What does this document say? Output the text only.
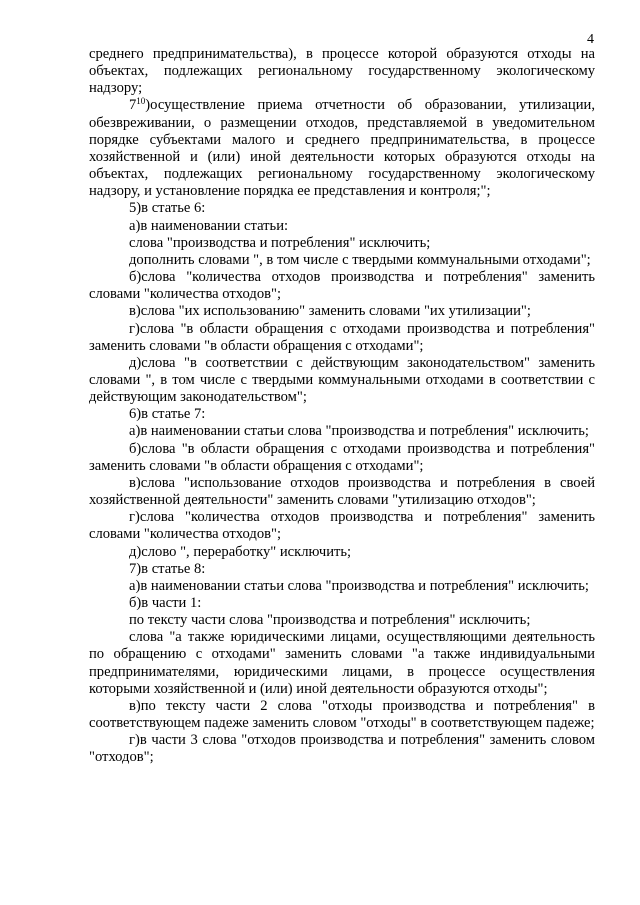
4

среднего предпринимательства), в процессе которой образуются отходы на объектах, подлежащих региональному государственному экологическому надзору;

$7^{10})осуществление$ приема отчетности об образовании, утилизации, обезвреживании, о размещении отходов, представляемой в уведомительном порядке субъектами малого и среднего предпринимательства, в процессе хозяйственной и (или) иной деятельности которых образуются отходы на объектах, подлежащих региональному государственному экологическому надзору, и установление порядка ее представления и контроля;";

5)в статье 6:

а)в наименовании статьи:

слова "производства и потребления" исключить;

дополнить словами ", в том числе с твердыми коммунальными отходами";

б)слова "количества отходов производства и потребления" заменить словами "количества отходов";

в)слова "их использованию" заменить словами "их утилизации";

г)слова "в области обращения с отходами производства и потребления" заменить словами "в области обращения с отходами";

д)слова "в соответствии с действующим законодательством" заменить словами ", в том числе с твердыми коммунальными отходами в соответствии с действующим законодательством";

6)в статье 7:

а)в наименовании статьи слова "производства и потребления" исключить;

б)слова "в области обращения с отходами производства и потребления" заменить словами "в области обращения с отходами";

в)слова "использование отходов производства и потребления в своей хозяйственной деятельности" заменить словами "утилизацию отходов";

г)слова "количества отходов производства и потребления" заменить словами "количества отходов";

д)слово ", переработку" исключить;

7)в статье 8:

а)в наименовании статьи слова "производства и потребления" исключить;

б)в части 1:

по тексту части слова "производства и потребления" исключить;

слова "а также юридическими лицами, осуществляющими деятельность по обращению с отходами" заменить словами "а также индивидуальными предпринимателями, юридическими лицами, в процессе осуществления которыми хозяйственной и (или) иной деятельности образуются отходы";

в)по тексту части 2 слова "отходы производства и потребления" в соответствующем падеже заменить словом "отходы" в соответствующем падеже;

г)в части 3 слова "отходов производства и потребления" заменить словом "отходов";
